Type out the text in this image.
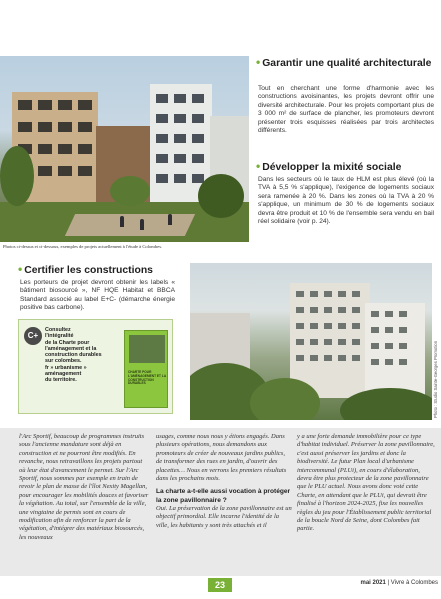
Photos ci-dessus et ci-dessous, exemples de projets actuellement à l'étude à Colombes.
• Garantir une qualité architecturale
Tout en cherchant une forme d'harmonie avec les constructions avoisinantes, les projets devront offrir une diversité architecturale. Pour les projets comportant plus de 3 000 m² de surface de plancher, les promoteurs devront présenter trois esquisses réalisées par trois architectes différents.
• Développer la mixité sociale
Dans les secteurs où le taux de HLM est plus élevé (où la TVA à 5,5 % s'applique), l'exigence de logements sociaux sera ramenée à 20 %. Dans les zones où la TVA à 20 % s'applique, un minimum de 30 % de logements sociaux devra être produit et 10 % de l'ensemble sera vendu en bail réel solidaire (voir p. 24).
• Certifier les constructions
Les porteurs de projet devront obtenir les labels « bâtiment biosourcé », NF HQE Habitat et BBCA Standard associé au label E+C- (démarche énergie positive bas carbone).
C+
Consultez
l'intégralité
de la Charte pour
l'aménagement et la
construction durables
sur colombes.
fr » urbanisme »
aménagement
du territoire.
CHARTE POUR L'AMÉNAGEMENT ET LA CONSTRUCTION DURABLES	Photo : Studio Sainte-Georges Promotion
l'Arc Sportif, beaucoup de programmes instruits sous l'ancienne mandature sont déjà en construction et ne pourront être modifiés. En revanche, nous retravaillons les projets partout où leur état d'avancement le permet. Sur l'Arc Sportif, nous sommes par exemple en train de revoir le plan de masse de l'îlot Nexity Magellan, pour encourager les mobilités douces et favoriser la végétation. Au total, sur l'ensemble de la ville, une vingtaine de permis sont en cours de modification afin de renforcer la part de la végétation, d'intégrer des matériaux biosourcés, les nouveaux
usages, comme nous nous y étions engagés. Dans plusieurs opérations, nous demandons aux promoteurs de créer de nouveaux jardins publics, de transformer des rues en jardin, d'ouvrir des placettes… Nous en verrons les premiers résultats dans les prochains mois.
La charte a-t-elle aussi vocation à protéger la zone pavillonnaire ?
Oui. La préservation de la zone pavillonnaire est un objectif primordial. Elle incarne l'identité de la ville, les habitants y sont très attachés et il
y a une forte demande immobilière pour ce type d'habitat individuel. Préserver la zone pavillonnaire, c'est aussi préserver les jardins et donc la biodiversité. Le futur Plan local d'urbanisme intercommunal (PLUi), en cours d'élaboration, devra être plus protecteur de la zone pavillonnaire que le PLU actuel. Nous avons donc voté cette Charte, en attendant que le PLUi, qui devrait être finalisé à l'horizon 2024-2025, fixe les nouvelles règles du jeu pour l'Établissement public territorial de la boucle Nord de Seine, dont Colombes fait partie.
23	mai 2021 | Vivre à Colombes
